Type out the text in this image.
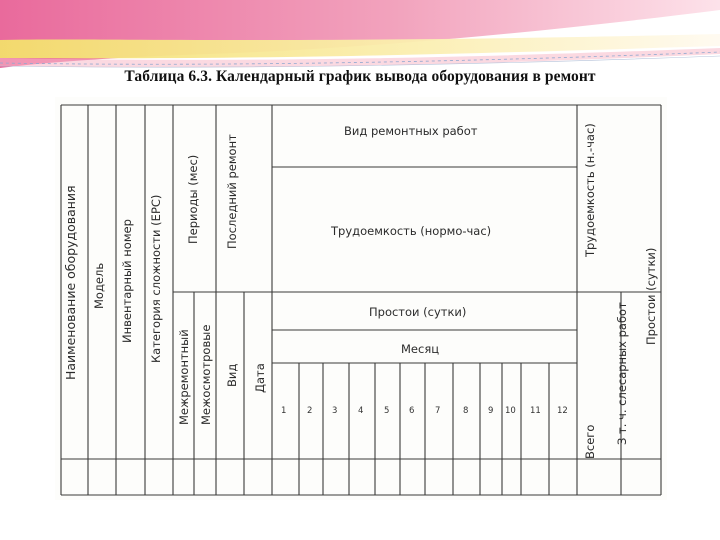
Таблица 6.3. Календарный график вывода оборудования в ремонт
Наименование оборудования Модель Инвентарный номер Категория сложности (ЕРС) Периоды (мес) Последний ремонт
Межремонтный Межосмотровые Вид Дата
Трудоемкость (н.-час)
Всего З т. ч. слесарных работ
Простои (сутки)
Вид ремонтных работ
Трудоемкость (нормо-час)
Простои (сутки)
Месяц
1 2 3 4 5 6 7	8 9 10 11 12
